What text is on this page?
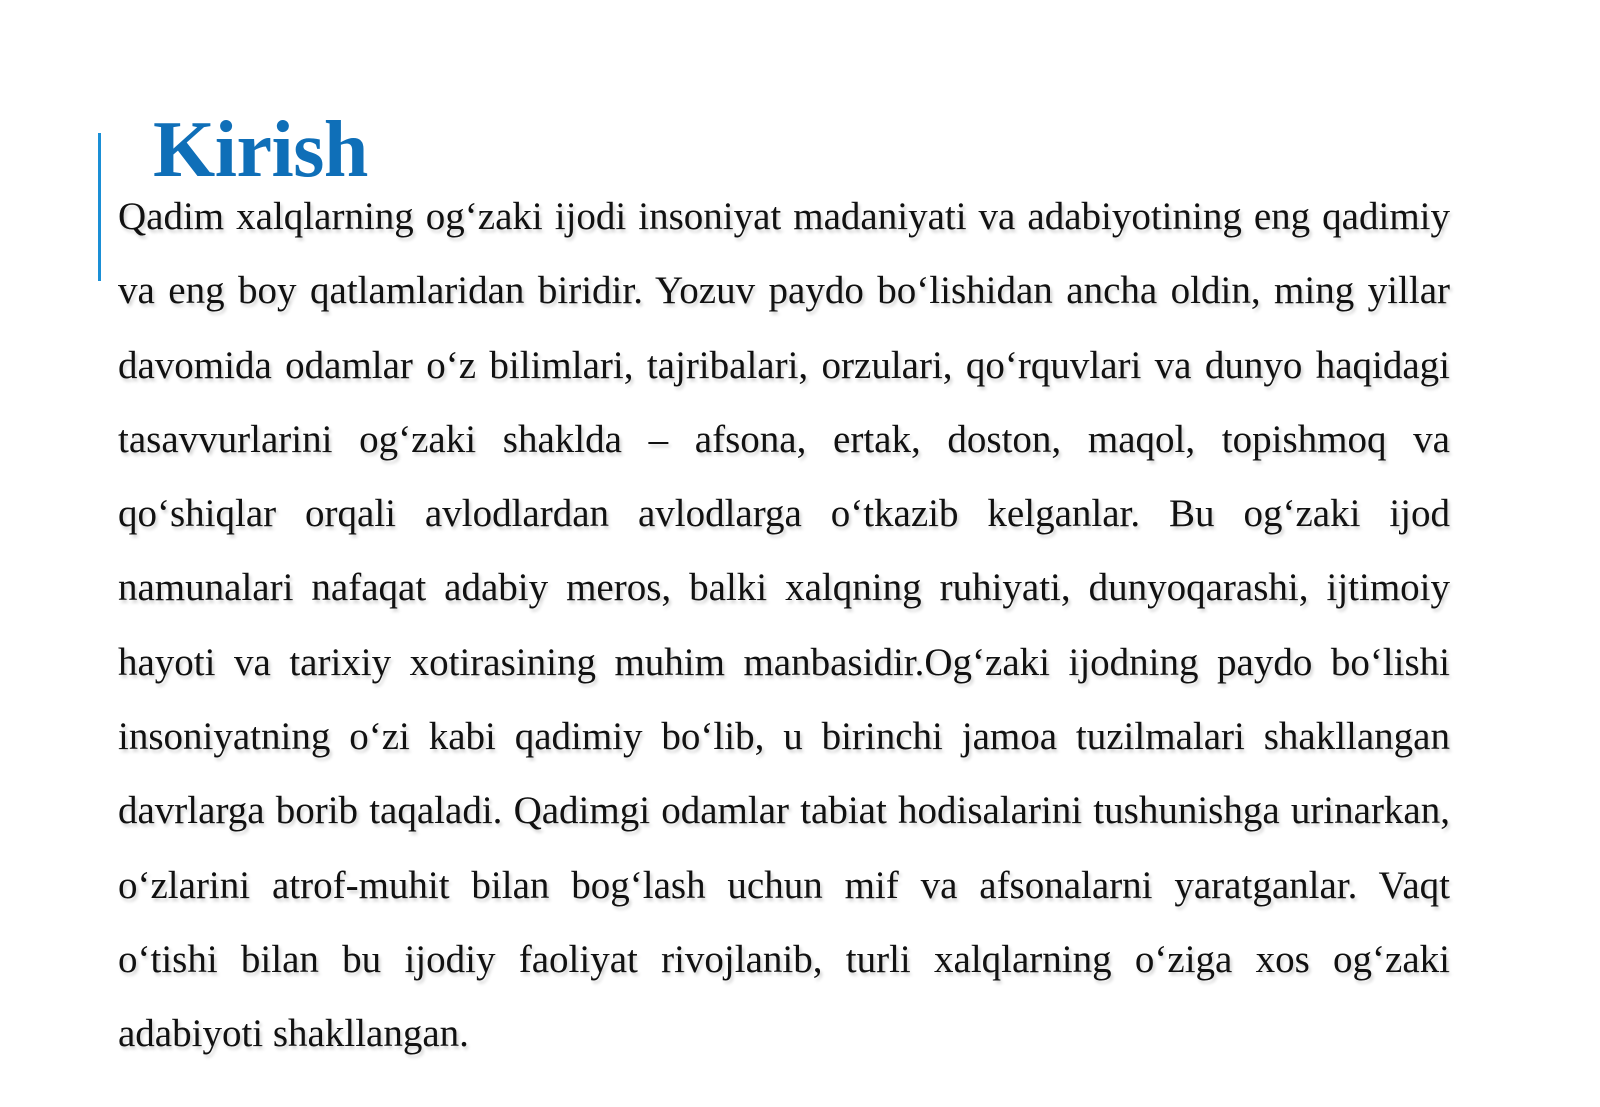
Kirish

Qadim xalqlarning og‘zaki ijodi insoniyat madaniyati va adabiyotining eng qadimiy va eng boy qatlamlaridan biridir. Yozuv paydo bo‘lishidan ancha oldin, ming yillar davomida odamlar o‘z bilimlari, tajribalari, orzulari, qo‘rquvlari va dunyo haqidagi tasavvurlarini og‘zaki shaklda – afsona, ertak, doston, maqol, topishmoq va qo‘shiqlar orqali avlodlardan avlodlarga o‘tkazib kelganlar. Bu og‘zaki ijod namunalari nafaqat adabiy meros, balki xalqning ruhiyati, dunyoqarashi, ijtimoiy hayoti va tarixiy xotirasining muhim manbasidir.Og‘zaki ijodning paydo bo‘lishi insoniyatning o‘zi kabi qadimiy bo‘lib, u birinchi jamoa tuzilmalari shakllangan davrlarga borib taqaladi. Qadimgi odamlar tabiat hodisalarini tushunishga urinarkan, o‘zlarini atrof-muhit bilan bog‘lash uchun mif va afsonalarni yaratganlar. Vaqt o‘tishi bilan bu ijodiy faoliyat rivojlanib, turli xalqlarning o‘ziga xos og‘zaki adabiyoti shakllangan.
